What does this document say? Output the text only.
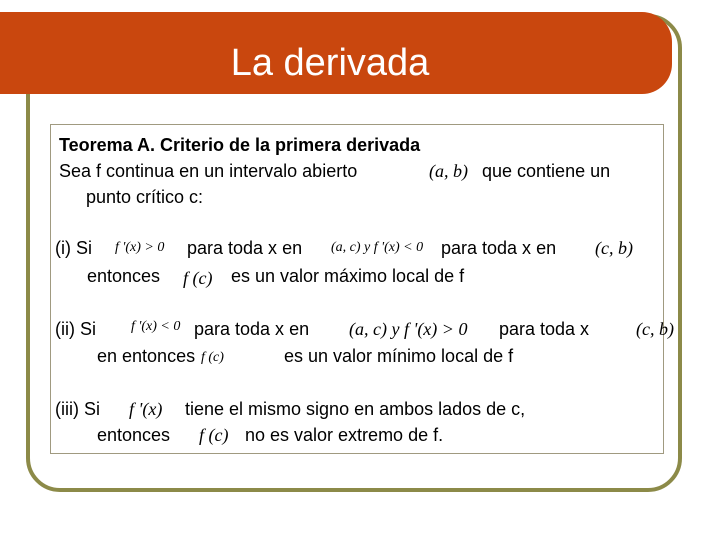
La derivada
Teorema A. Criterio de la primera derivada
Sea f continua en un intervalo abierto	(a, b) que contiene un
punto crítico c:
(i) Si f '(x) > 0 para toda x en (a, c) y f '(x) < 0 para toda x en (c, b)
entonces f (c) es un valor máximo local de f
(ii) Si	f '(x) < 0 para toda x en (a, c) y f '(x) > 0 para toda x
en entonces f (c)	es un valor mínimo local de f
(iii) Si f '(x) tiene el mismo signo en ambos lados de c,
entonces f (c) no es valor extremo de f.
(c, b)
